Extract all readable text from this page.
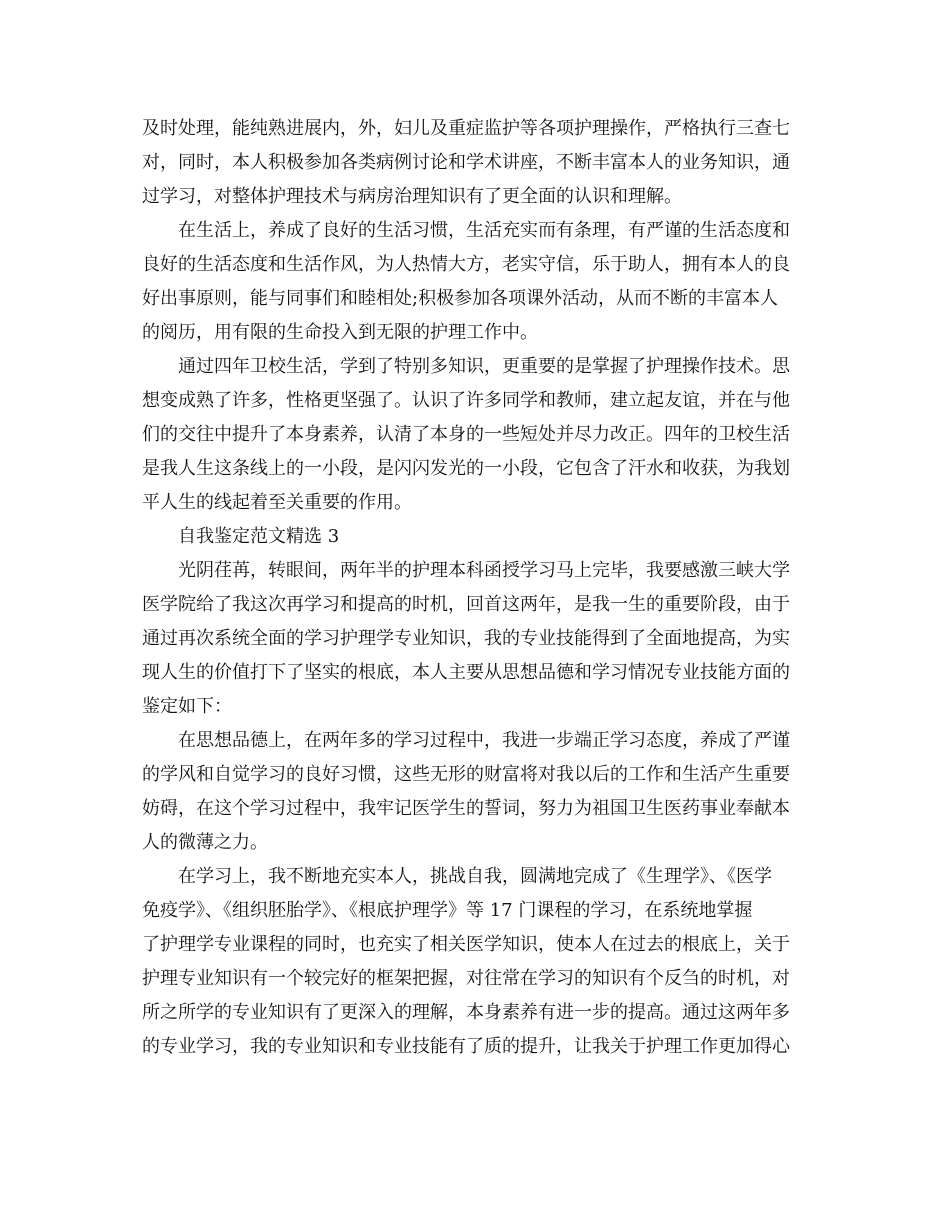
及时处理，能纯熟进展内，外，妇儿及重症监护等各项护理操作，严格执行三查七
对，同时，本人积极参加各类病例讨论和学术讲座，不断丰富本人的业务知识，通
过学习，对整体护理技术与病房治理知识有了更全面的认识和理解。
在生活上，养成了良好的生活习惯，生活充实而有条理，有严谨的生活态度和
良好的生活态度和生活作风，为人热情大方，老实守信，乐于助人，拥有本人的良
好出事原则，能与同事们和睦相处;积极参加各项课外活动，从而不断的丰富本人
的阅历，用有限的生命投入到无限的护理工作中。
通过四年卫校生活，学到了特别多知识，更重要的是掌握了护理操作技术。思
想变成熟了许多，性格更坚强了。认识了许多同学和教师，建立起友谊，并在与他
们的交往中提升了本身素养，认清了本身的一些短处并尽力改正。四年的卫校生活
是我人生这条线上的一小段，是闪闪发光的一小段，它包含了汗水和收获，为我划
平人生的线起着至关重要的作用。
自我鉴定范文精选 3
光阴荏苒，转眼间，两年半的护理本科函授学习马上完毕，我要感激三峡大学
医学院给了我这次再学习和提高的时机，回首这两年，是我一生的重要阶段，由于
通过再次系统全面的学习护理学专业知识，我的专业技能得到了全面地提高，为实
现人生的价值打下了坚实的根底，本人主要从思想品德和学习情况专业技能方面的
鉴定如下：
在思想品德上，在两年多的学习过程中，我进一步端正学习态度，养成了严谨
的学风和自觉学习的良好习惯，这些无形的财富将对我以后的工作和生活产生重要
妨碍，在这个学习过程中，我牢记医学生的誓词，努力为祖国卫生医药事业奉献本
人的微薄之力。
在学习上，我不断地充实本人，挑战自我，圆满地完成了《生理学》、《医学
免疫学》、《组织胚胎学》、《根底护理学》等 17 门课程的学习，在系统地掌握
了护理学专业课程的同时，也充实了相关医学知识，使本人在过去的根底上，关于
护理专业知识有一个较完好的框架把握，对往常在学习的知识有个反刍的时机，对
所之所学的专业知识有了更深入的理解，本身素养有进一步的提高。通过这两年多
的专业学习，我的专业知识和专业技能有了质的提升，让我关于护理工作更加得心
